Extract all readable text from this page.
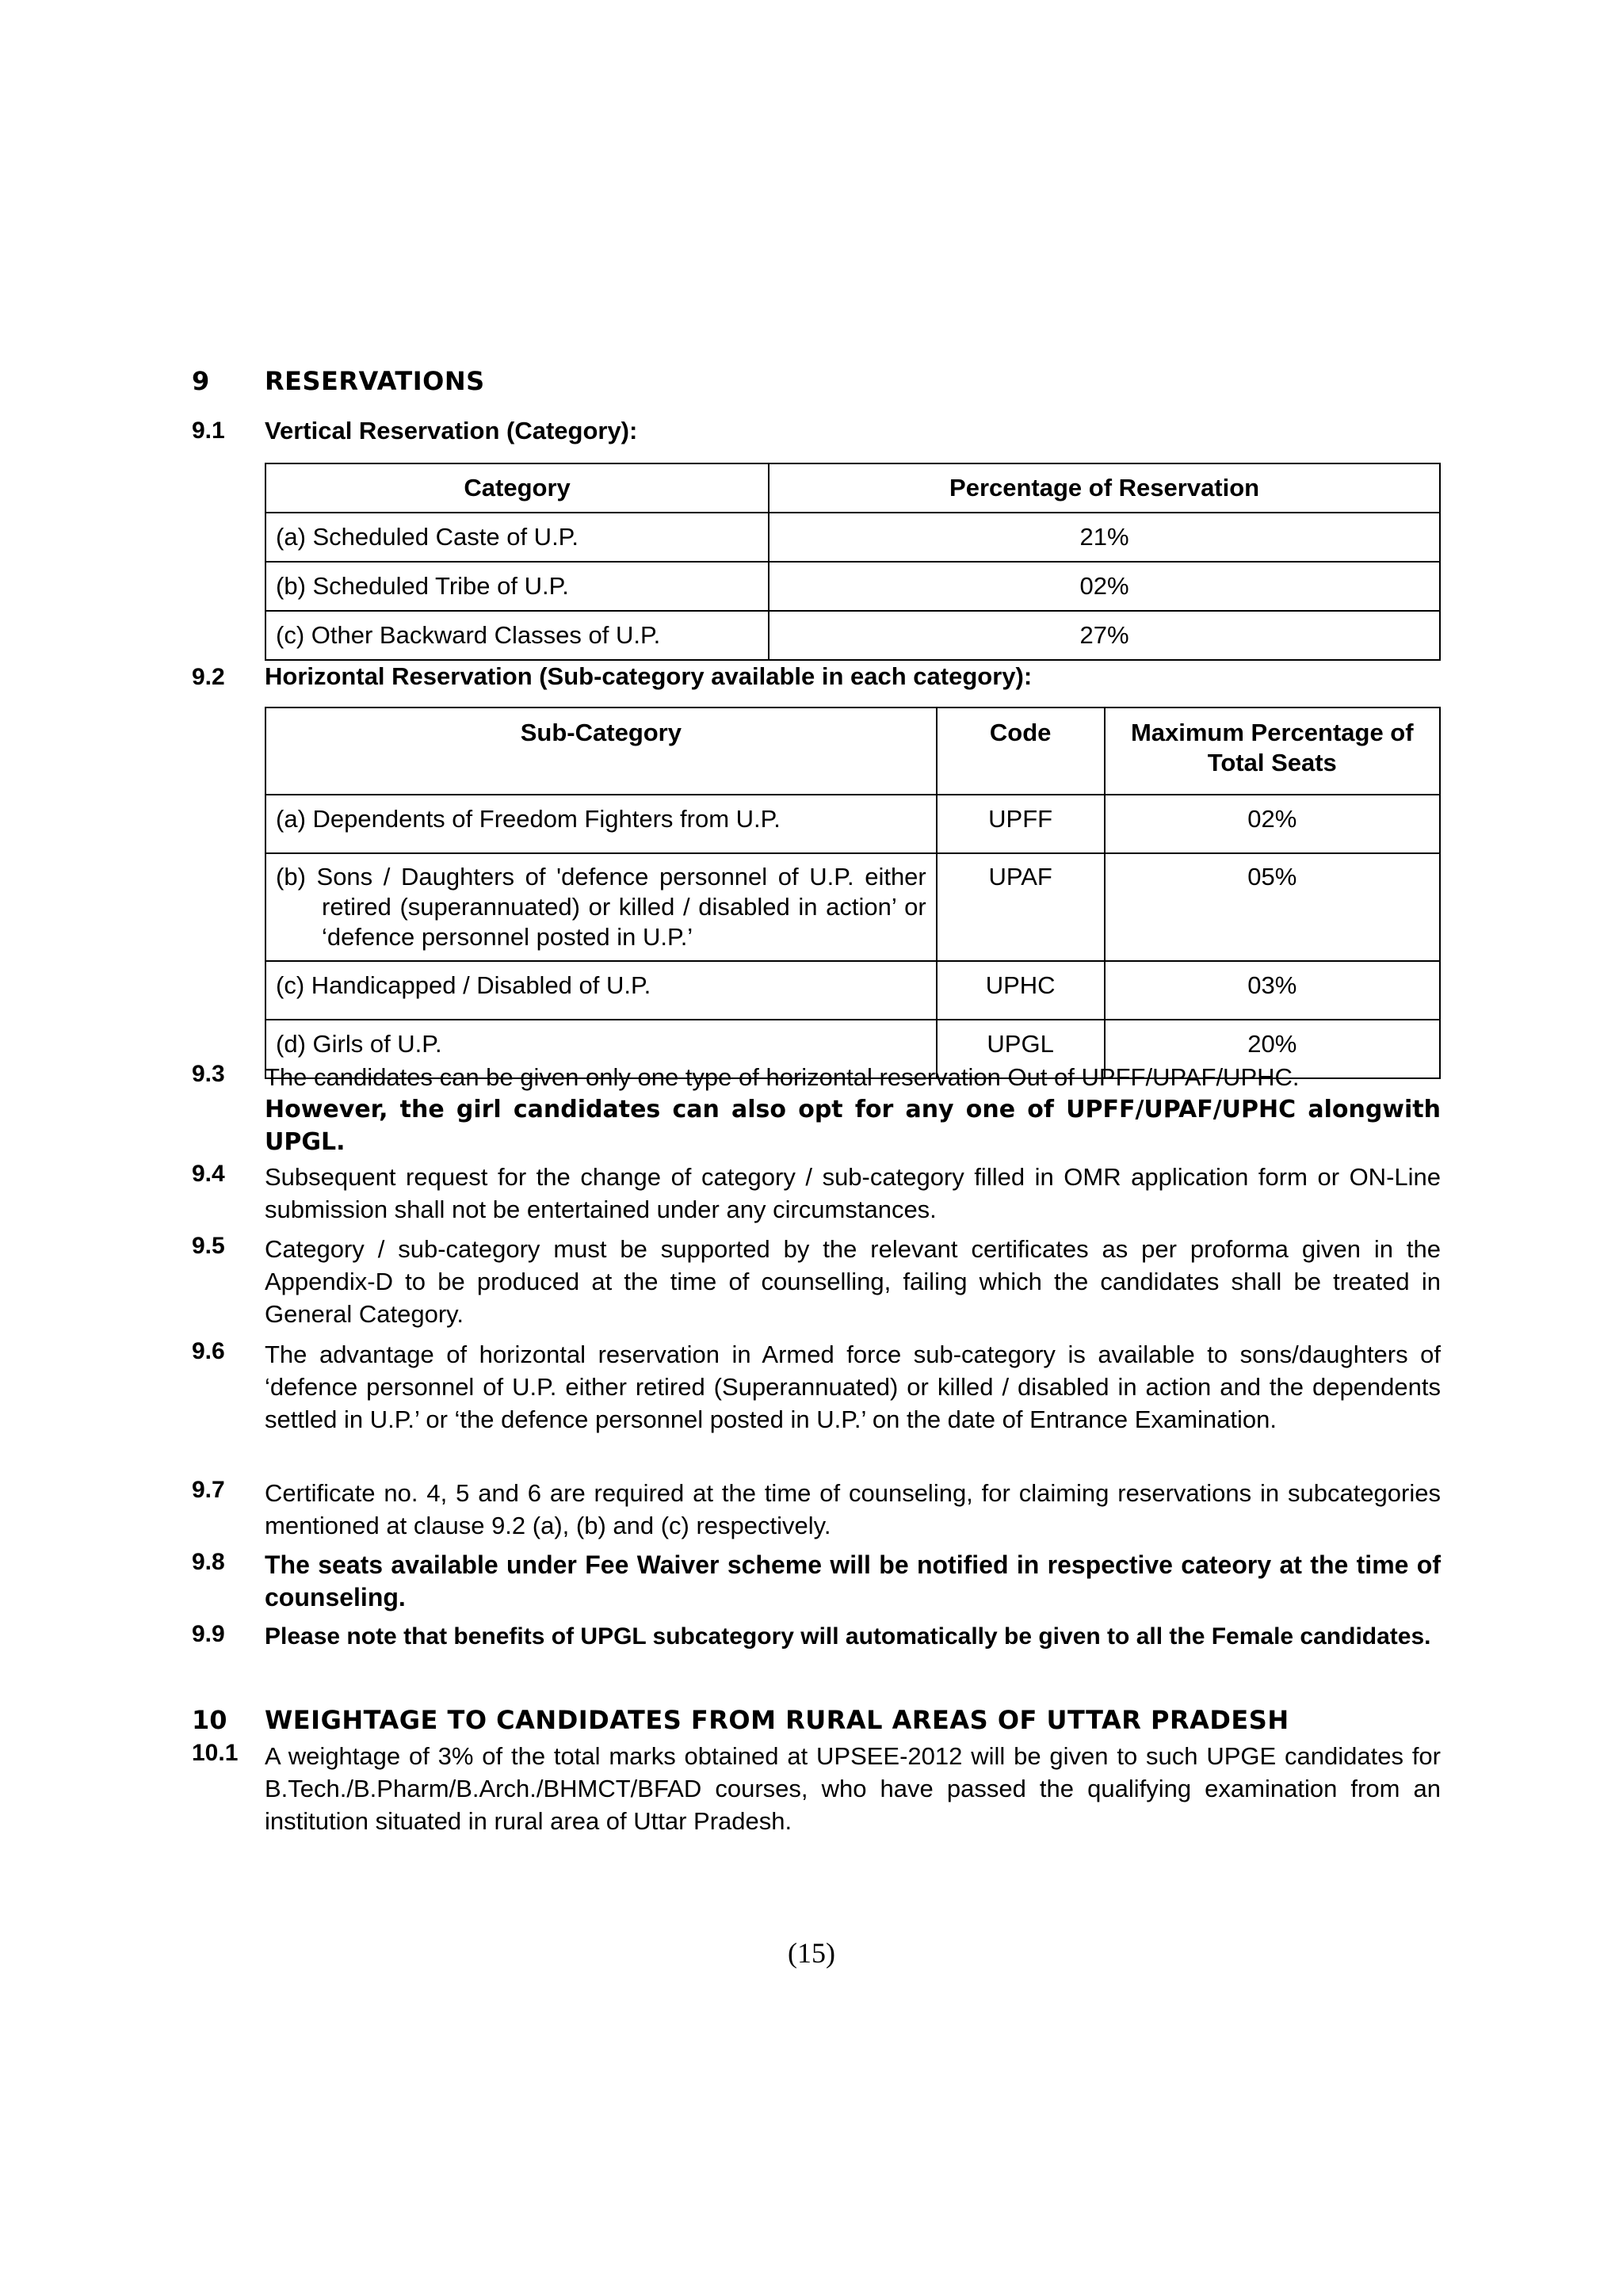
9 RESERVATIONS
9.1 Vertical Reservation (Category):
Category	Percentage of Reservation
(a) Scheduled Caste of U.P.	21%
(b) Scheduled Tribe of U.P.	02%
(c) Other Backward Classes of U.P.	27%
9.2 Horizontal Reservation (Sub-category available in each category):
Sub-Category	Code	Maximum Percentage of Total Seats
(a) Dependents of Freedom Fighters from U.P.	UPFF	02%

(b) Sons / Daughters of 'defence personnel of U.P. either retired (superannuated) or killed / disabled in action’ or ‘defence personnel posted in U.P.’	UPAF	05%
(c) Handicapped / Disabled of U.P.	UPHC	03%
(d) Girls of U.P.	UPGL	20%
9.3 The candidates can be given only one type of horizontal reservation Out of UPFF/UPAF/UPHC.
However, the girl candidates can also opt for any one of UPFF/UPAF/UPHC alongwith UPGL.
9.4 Subsequent request for the change of category / sub-category filled in OMR application form or ON-Line submission shall not be entertained under any circumstances.
9.5 Category / sub-category must be supported by the relevant certificates as per proforma given in the Appendix-D to be produced at the time of counselling, failing which the candidates shall be treated in General Category.
9.6 The advantage of horizontal reservation in Armed force sub-category is available to sons/daughters of ‘defence personnel of U.P. either retired (Superannuated) or killed / disabled in action and the dependents settled in U.P.’ or ‘the defence personnel posted in U.P.’ on the date of Entrance Examination.
9.7 Certificate no. 4, 5 and 6 are required at the time of counseling, for claiming reservations in subcategories mentioned at clause 9.2 (a), (b) and (c) respectively.
9.8 The seats available under Fee Waiver scheme will be notified in respective cateory at the time of counseling.
9.9 Please note that benefits of UPGL subcategory will automatically be given to all the Female candidates.
10 WEIGHTAGE TO CANDIDATES FROM RURAL AREAS OF UTTAR PRADESH
10.1 A weightage of 3% of the total marks obtained at UPSEE-2012 will be given to such UPGE candidates for B.Tech./B.Pharm/B.Arch./BHMCT/BFAD courses, who have passed the qualifying examination from an institution situated in rural area of Uttar Pradesh.
(15)
